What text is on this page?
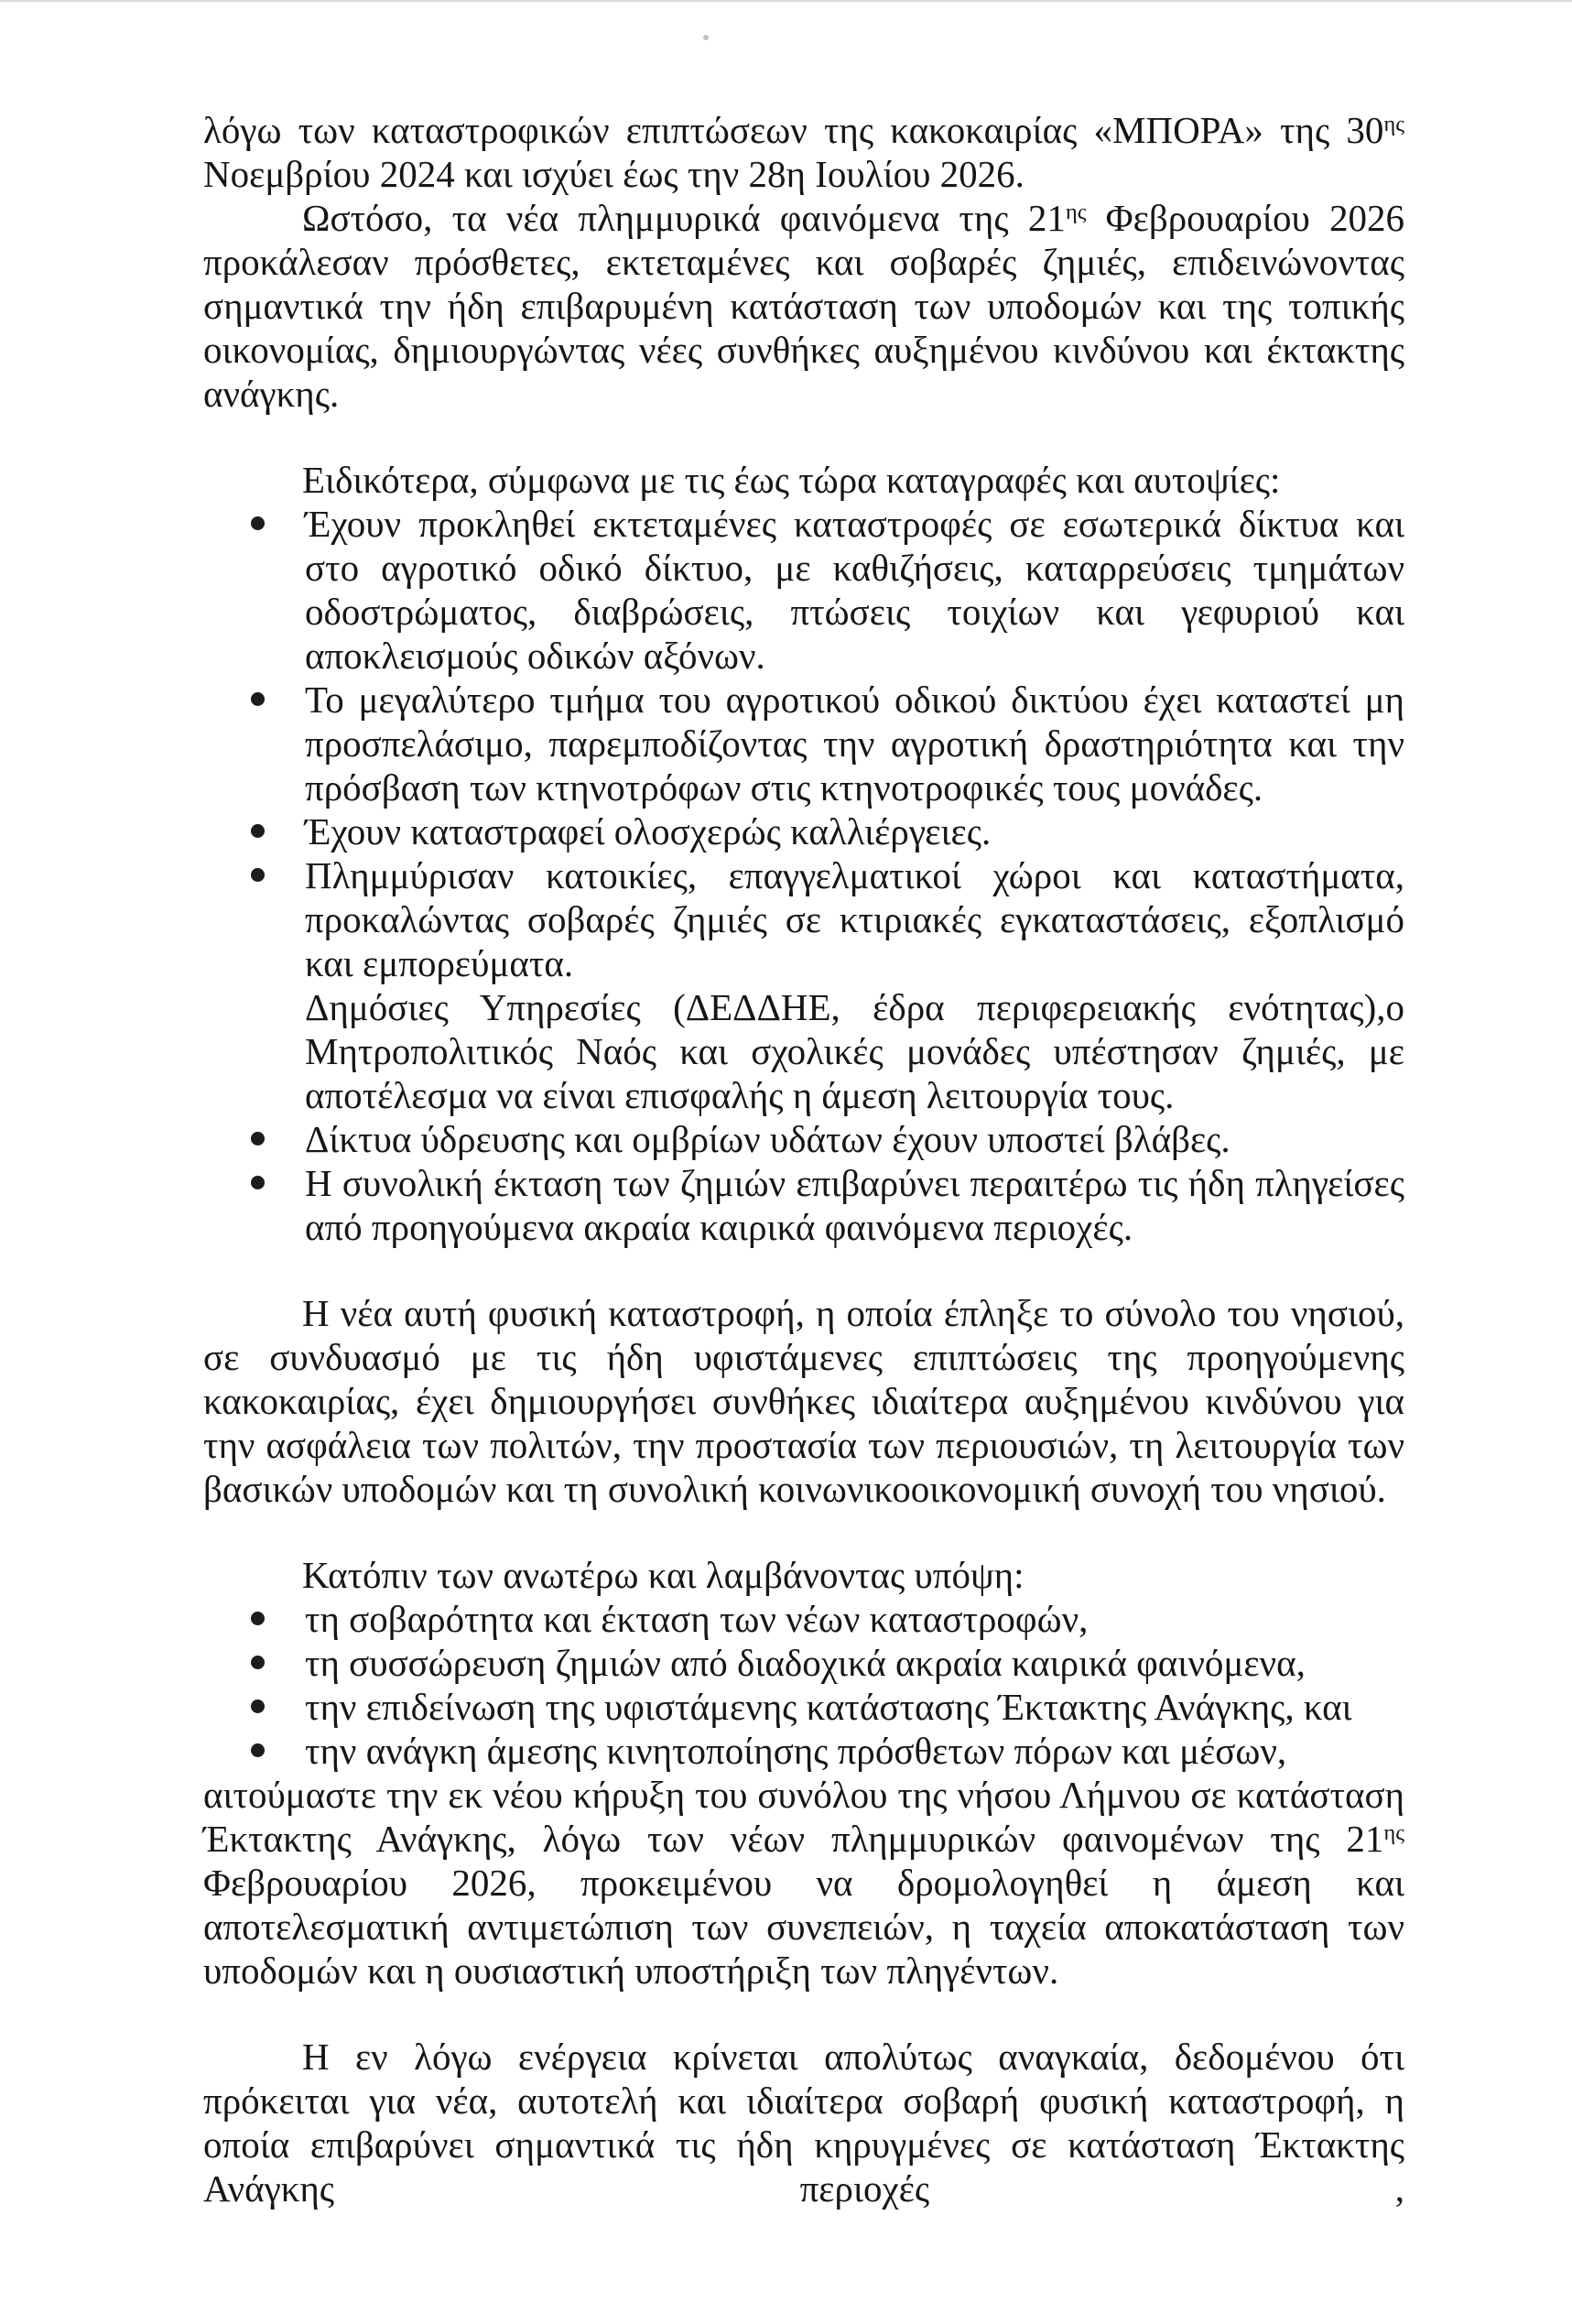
λόγω των καταστροφικών επιπτώσεων της κακοκαιρίας «ΜΠΟΡΑ» της $30^{\eta\varsigma}$ Νοεμβρίου 2024 και ισχύει έως την 28η Ιουλίου 2026.

Ωστόσο, τα νέα πλημμυρικά φαινόμενα της $21^{\eta\varsigma}$ Φεβρουαρίου 2026 προκάλεσαν πρόσθετες, εκτεταμένες και σοβαρές ζημιές, επιδεινώνοντας σημαντικά την ήδη επιβαρυμένη κατάσταση των υποδομών και της τοπικής οικονομίας, δημιουργώντας νέες συνθήκες αυξημένου κινδύνου και έκτακτης ανάγκης.

Ειδικότερα, σύμφωνα με τις έως τώρα καταγραφές και αυτοψίες:

Έχουν προκληθεί εκτεταμένες καταστροφές σε εσωτερικά δίκτυα και στο αγροτικό οδικό δίκτυο, με καθιζήσεις, καταρρεύσεις τμημάτων οδοστρώματος, διαβρώσεις, πτώσεις τοιχίων και γεφυριού και αποκλεισμούς οδικών αξόνων.

Το μεγαλύτερο τμήμα του αγροτικού οδικού δικτύου έχει καταστεί μη προσπελάσιμο, παρεμποδίζοντας την αγροτική δραστηριότητα και την πρόσβαση των κτηνοτρόφων στις κτηνοτροφικές τους μονάδες.

Έχουν καταστραφεί ολοσχερώς καλλιέργειες.

Πλημμύρισαν κατοικίες, επαγγελματικοί χώροι και καταστήματα, προκαλώντας σοβαρές ζημιές σε κτιριακές εγκαταστάσεις, εξοπλισμό και εμπορεύματα.

Δημόσιες Υπηρεσίες (ΔΕΔΔΗΕ, έδρα περιφερειακής ενότητας),ο Μητροπολιτικός Ναός και σχολικές μονάδες υπέστησαν ζημιές, με αποτέλεσμα να είναι επισφαλής η άμεση λειτουργία τους.

Δίκτυα ύδρευσης και ομβρίων υδάτων έχουν υποστεί βλάβες.

Η συνολική έκταση των ζημιών επιβαρύνει περαιτέρω τις ήδη πληγείσες από προηγούμενα ακραία καιρικά φαινόμενα περιοχές.

Η νέα αυτή φυσική καταστροφή, η οποία έπληξε το σύνολο του νησιού, σε συνδυασμό με τις ήδη υφιστάμενες επιπτώσεις της προηγούμενης κακοκαιρίας, έχει δημιουργήσει συνθήκες ιδιαίτερα αυξημένου κινδύνου για την ασφάλεια των πολιτών, την προστασία των περιουσιών, τη λειτουργία των βασικών υποδομών και τη συνολική κοινωνικοοικονομική συνοχή του νησιού.

Κατόπιν των ανωτέρω και λαμβάνοντας υπόψη:

τη σοβαρότητα και έκταση των νέων καταστροφών,

τη συσσώρευση ζημιών από διαδοχικά ακραία καιρικά φαινόμενα,

την επιδείνωση της υφιστάμενης κατάστασης Έκτακτης Ανάγκης, και

την ανάγκη άμεσης κινητοποίησης πρόσθετων πόρων και μέσων,

αιτούμαστε την εκ νέου κήρυξη του συνόλου της νήσου Λήμνου σε κατάσταση Έκτακτης Ανάγκης, λόγω των νέων πλημμυρικών φαινομένων της $21^{\eta\varsigma}$ Φεβρουαρίου 2026, προκειμένου να δρομολογηθεί η άμεση και αποτελεσματική αντιμετώπιση των συνεπειών, η ταχεία αποκατάσταση των υποδομών και η ουσιαστική υποστήριξη των πληγέντων.

Η εν λόγω ενέργεια κρίνεται απολύτως αναγκαία, δεδομένου ότι πρόκειται για νέα, αυτοτελή και ιδιαίτερα σοβαρή φυσική καταστροφή, η οποία επιβαρύνει σημαντικά τις ήδη κηρυγμένες σε κατάσταση Έκτακτης Ανάγκης περιοχές ,
